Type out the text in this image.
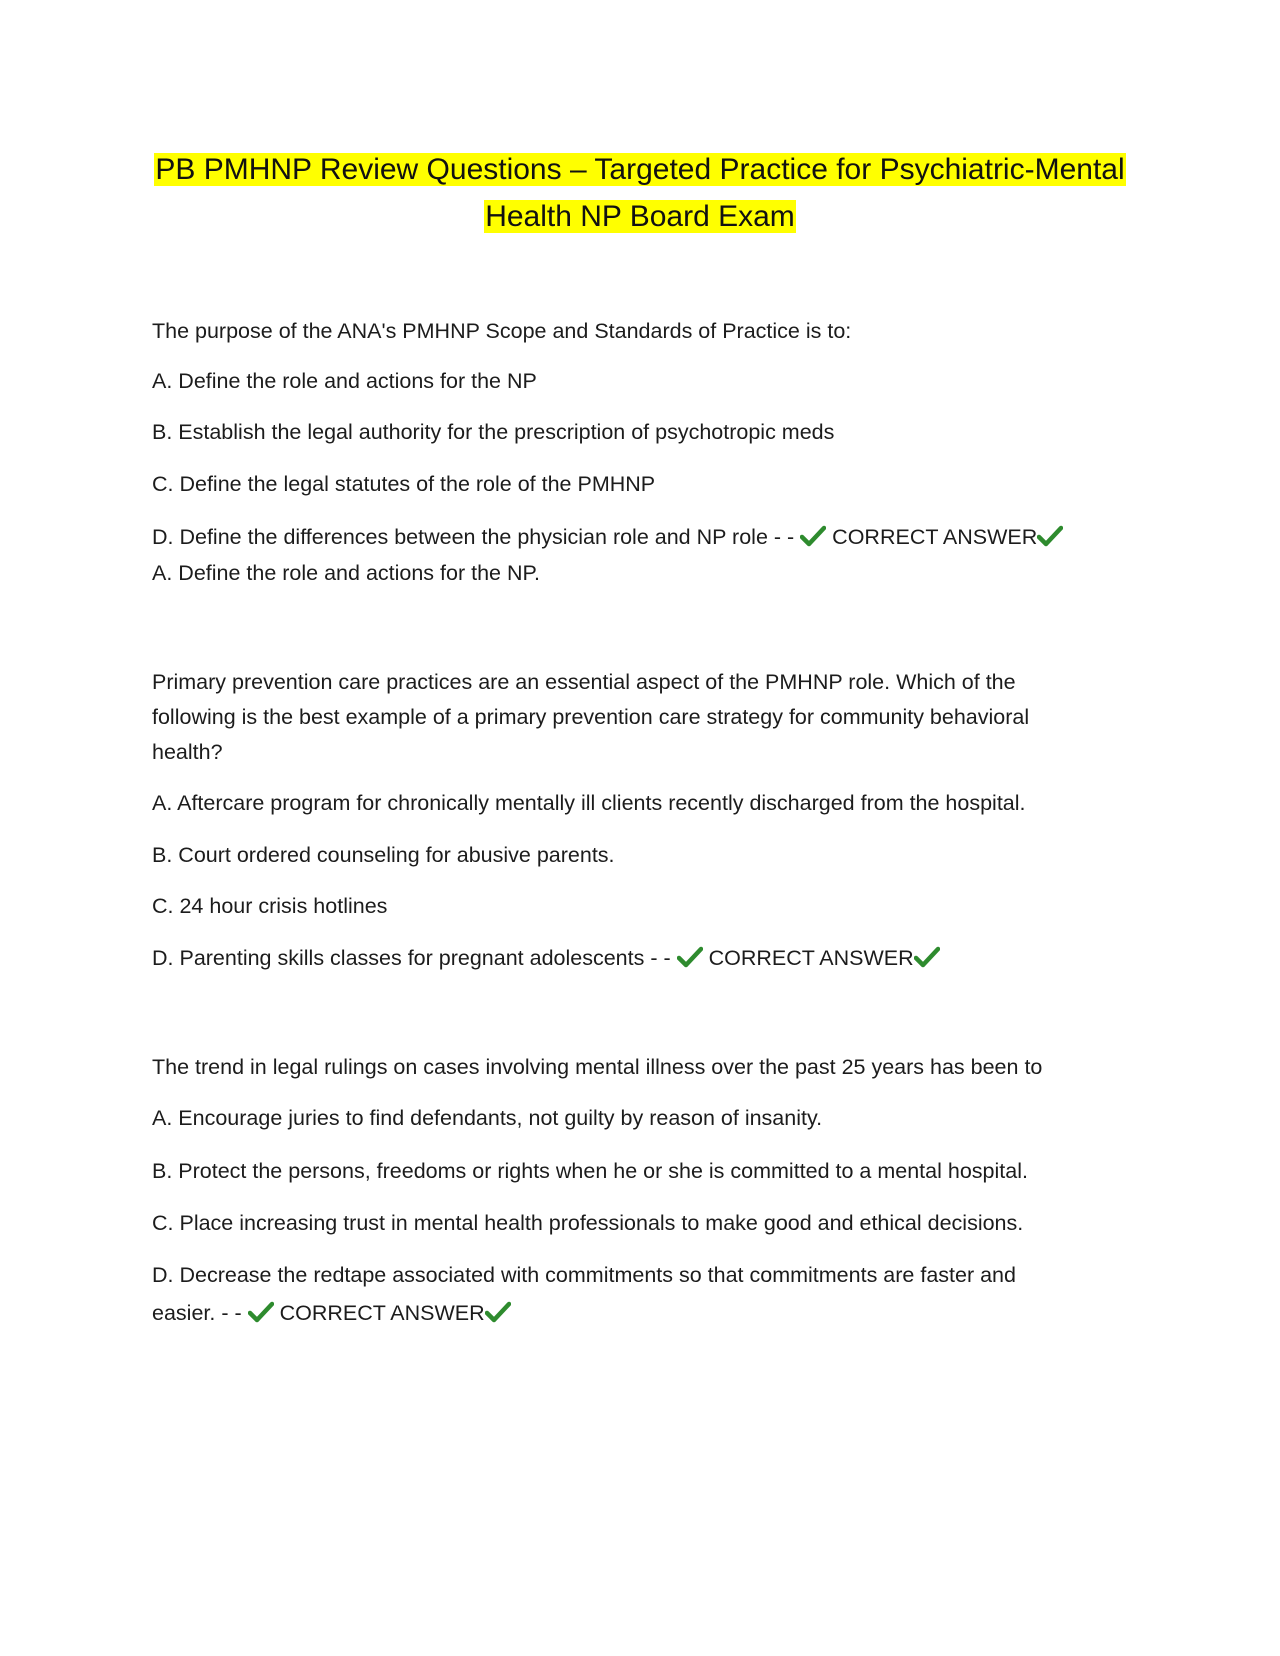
PB PMHNP Review Questions – Targeted Practice for Psychiatric-Mental
Health NP Board Exam

The purpose of the ANA's PMHNP Scope and Standards of Practice is to:

A. Define the role and actions for the NP

B. Establish the legal authority for the prescription of psychotropic meds

C. Define the legal statutes of the role of the PMHNP

D. Define the differences between the physician role and NP role - - CORRECT ANSWER

A. Define the role and actions for the NP.

Primary prevention care practices are an essential aspect of the PMHNP role. Which of the

following is the best example of a primary prevention care strategy for community behavioral

health?

A. Aftercare program for chronically mentally ill clients recently discharged from the hospital.

B. Court ordered counseling for abusive parents.

C. 24 hour crisis hotlines

D. Parenting skills classes for pregnant adolescents - - CORRECT ANSWER

The trend in legal rulings on cases involving mental illness over the past 25 years has been to

A. Encourage juries to find defendants, not guilty by reason of insanity.

B. Protect the persons, freedoms or rights when he or she is committed to a mental hospital.

C. Place increasing trust in mental health professionals to make good and ethical decisions.

D. Decrease the redtape associated with commitments so that commitments are faster and

easier. - - CORRECT ANSWER
